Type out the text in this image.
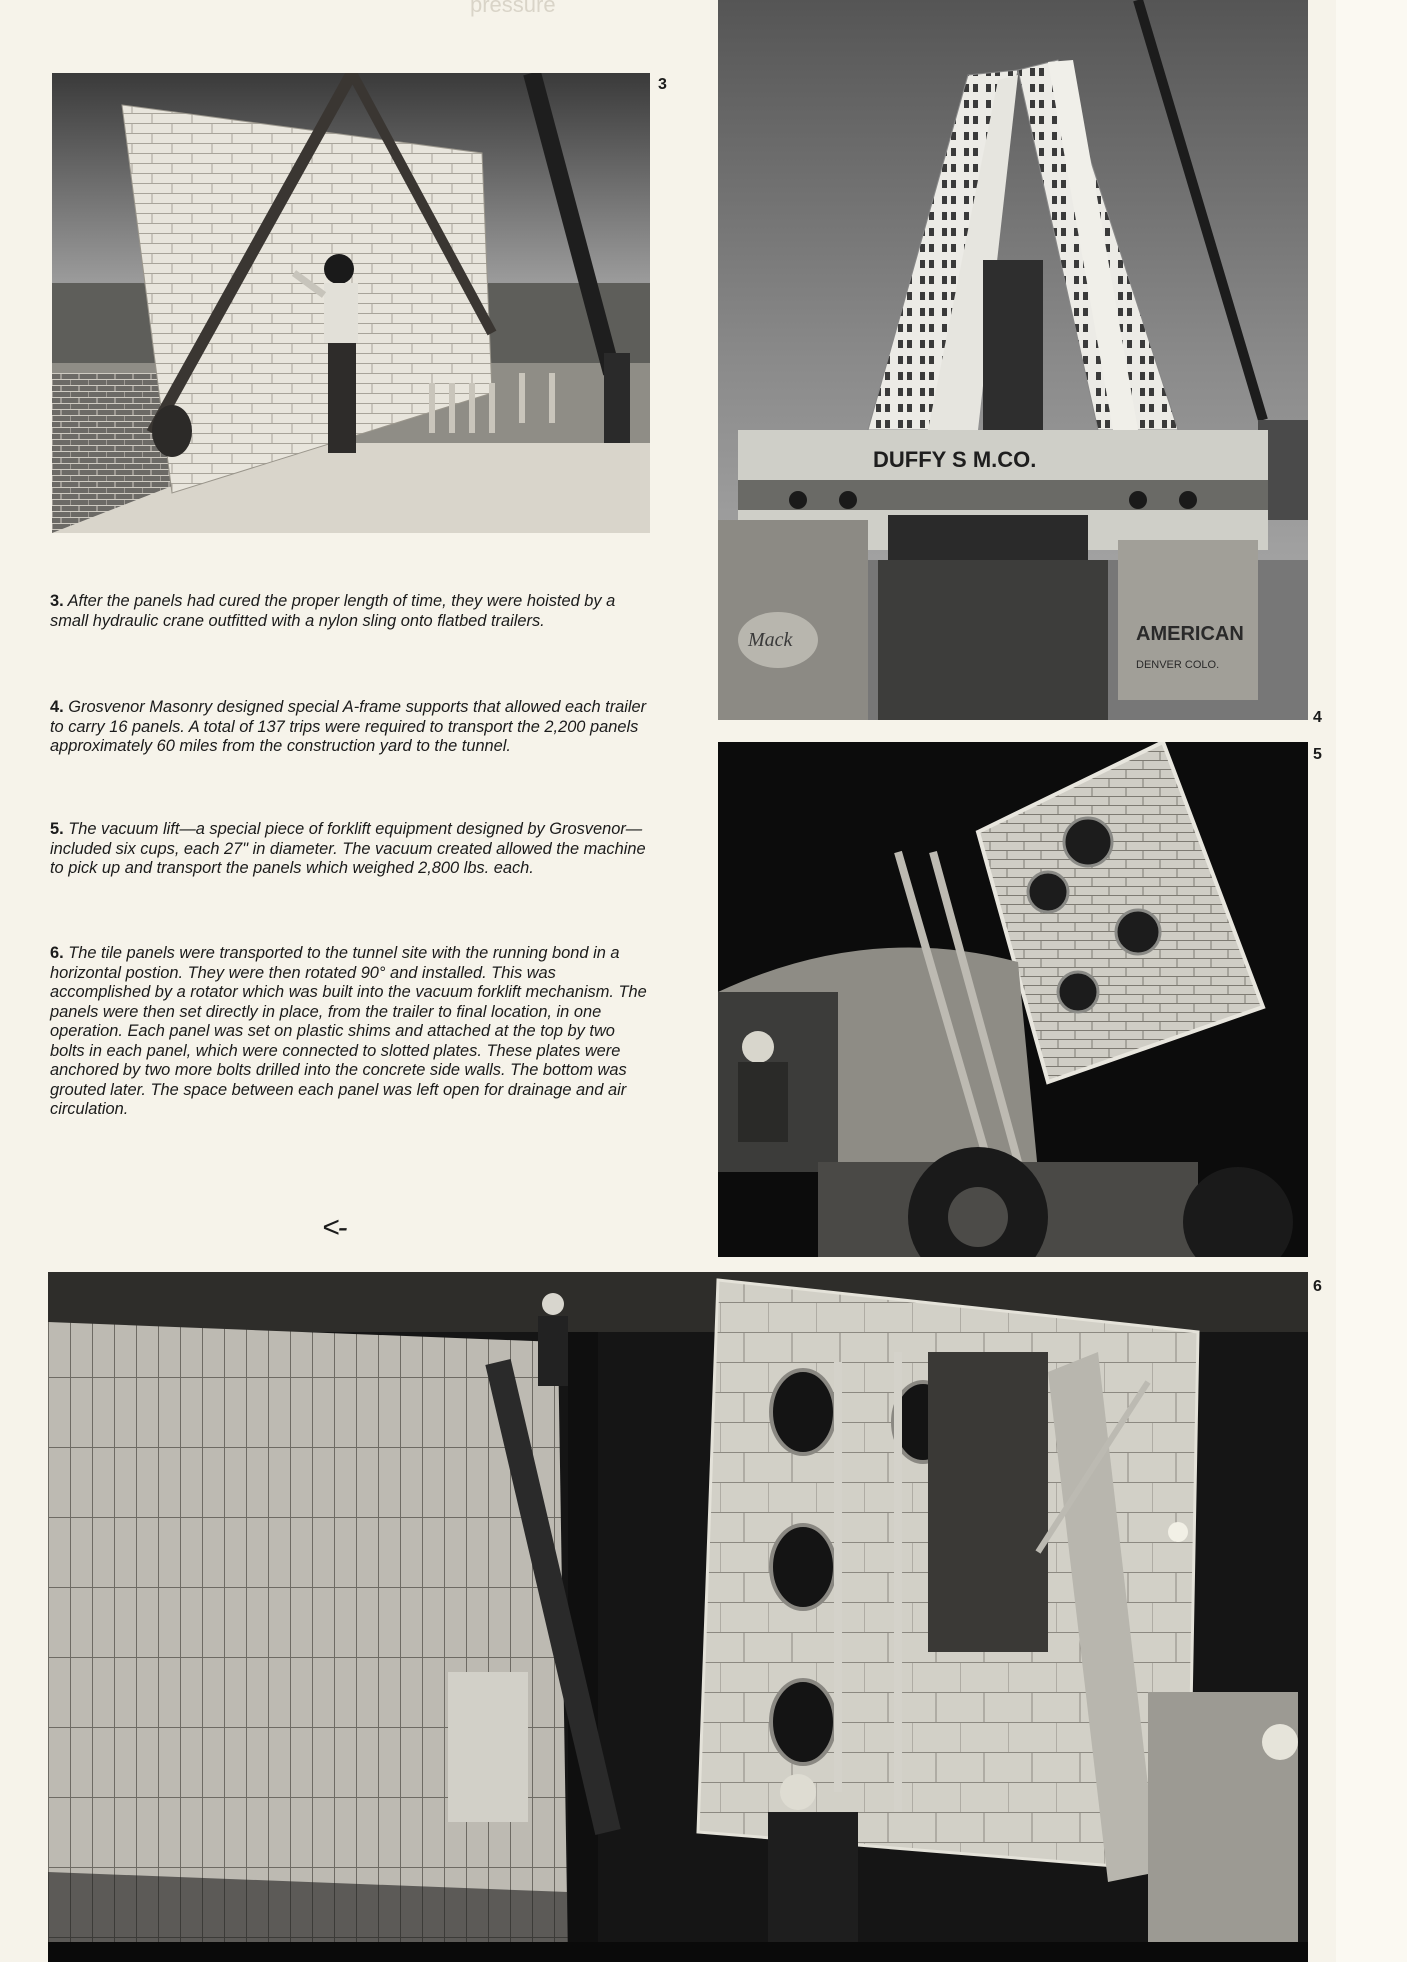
pressure
3
DUFFY S M.CO.
Mack	AMERICAN
DENVER COLO.
4
5

3. After the panels had cured the proper length of time, they were hoisted by a small hydraulic crane outfitted with a nylon sling onto flatbed trailers.

4. Grosvenor Masonry designed special A-frame supports that allowed each trailer to carry 16 panels. A total of 137 trips were required to transport the 2,200 panels approximately 60 miles from the construction yard to the tunnel.

5. The vacuum lift—a special piece of forklift equipment designed by Grosvenor—included six cups, each 27" in diameter. The vacuum created allowed the machine to pick up and transport the panels which weighed 2,800 lbs. each.

6. The tile panels were transported to the tunnel site with the running bond in a horizontal postion. They were then rotated 90° and installed. This was accomplished by a rotator which was built into the vacuum forklift mechanism. The panels were then set directly in place, from the trailer to final location, in one operation. Each panel was set on plastic shims and attached at the top by two bolts in each panel, which were connected to slotted plates. These plates were anchored by two more bolts drilled into the concrete side walls. The bottom was grouted later. The space between each panel was left open for drainage and air circulation.

<-
6
